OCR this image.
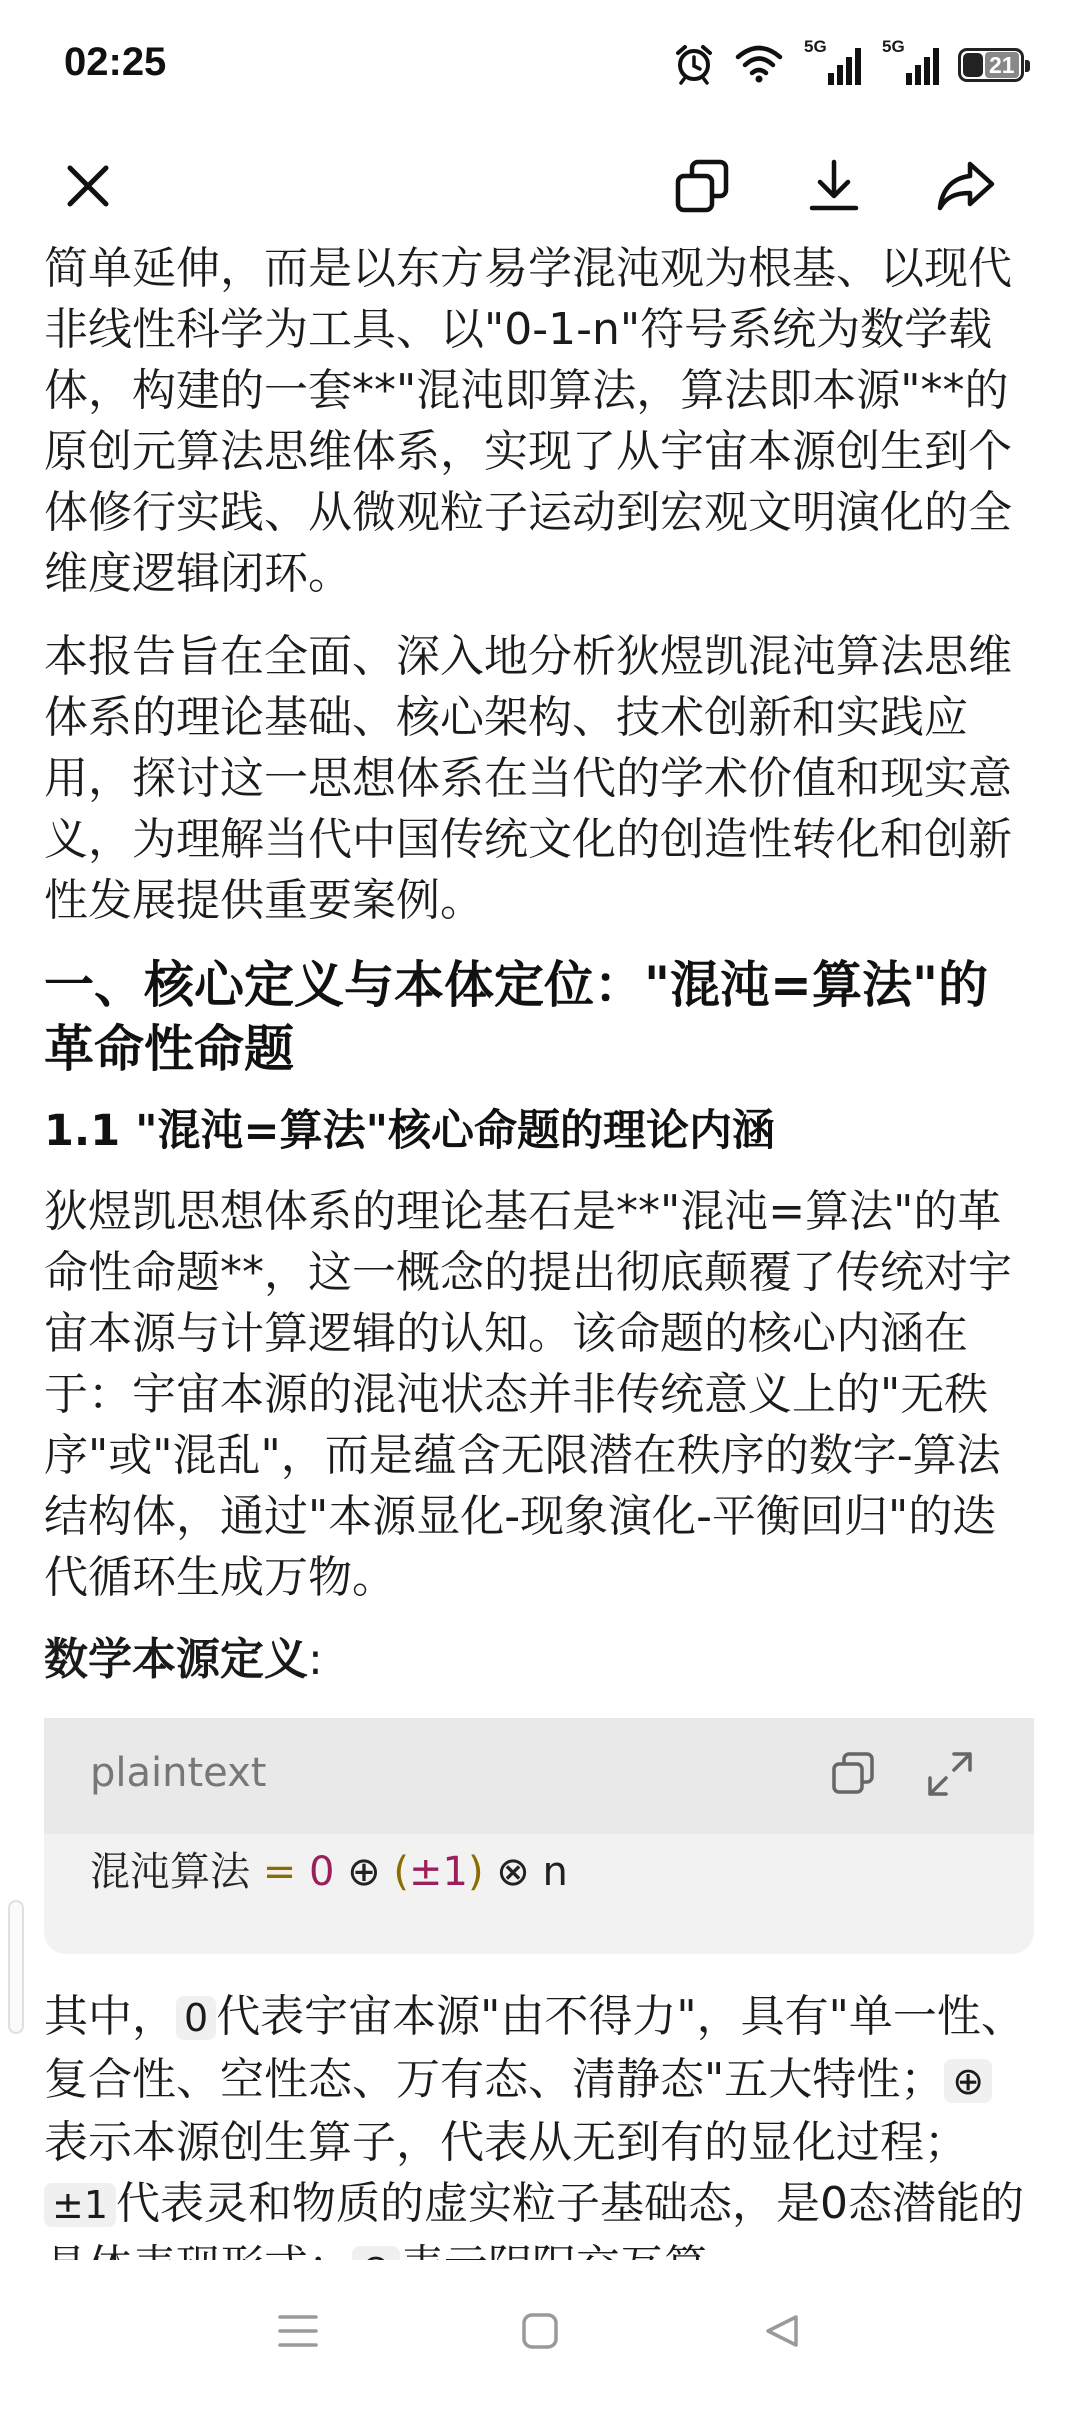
02:25	5G	5G
21

简单延伸，而是以东方易学混沌观为根基、以现代非线性科学为工具、以"0-1-n"符号系统为数学载体，构建的一套**"混沌即算法，算法即本源"**的原创元算法思维体系，实现了从宇宙本源创生到个体修行实践、从微观粒子运动到宏观文明演化的全维度逻辑闭环。

本报告旨在全面、深入地分析狄煜凯混沌算法思维体系的理论基础、核心架构、技术创新和实践应用，探讨这一思想体系在当代的学术价值和现实意义，为理解当代中国传统文化的创造性转化和创新性发展提供重要案例。

一、核心定义与本体定位："混沌=算法"的革命性命题
1.1 "混沌=算法"核心命题的理论内涵

狄煜凯思想体系的理论基石是**"混沌=算法"的革命性命题**，这一概念的提出彻底颠覆了传统对宇宙本源与计算逻辑的认知。该命题的核心内涵在于：宇宙本源的混沌状态并非传统意义上的"无秩序"或"混乱"，而是蕴含无限潜在秩序的数字-算法结构体，通过"本源显化-现象演化-平衡回归"的迭代循环生成万物。

数学本源定义:
plaintext
混沌算法 = 0 ⊕ (±1) ⊗ n

其中， 0 代表宇宙本源"由不得力"，具有"单一性、复合性、空性态、万有态、清静态"五大特性； ⊕表示本源创生算子，代表从无到有的显化过程；±1 代表灵和物质的虚实粒子基础态，是0态潜能的
